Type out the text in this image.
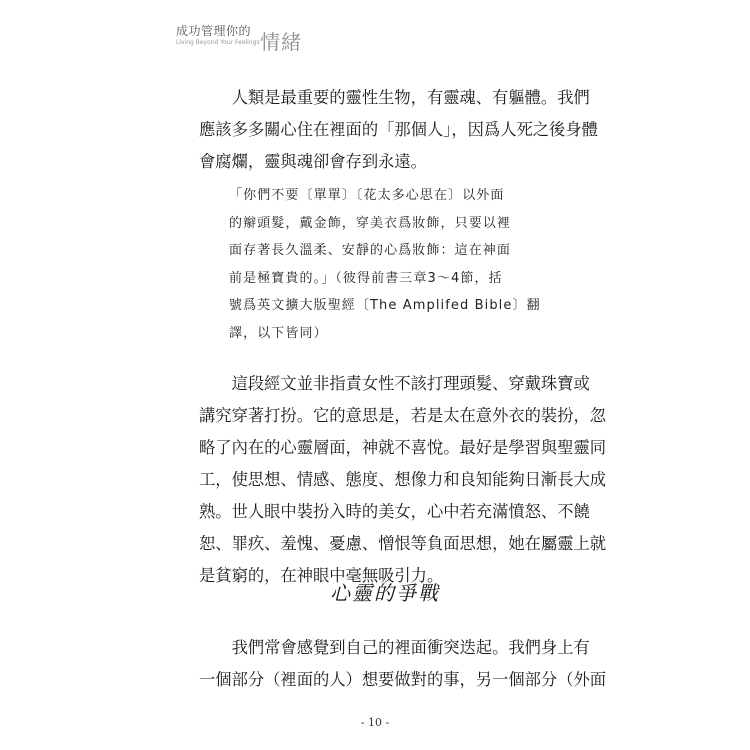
成功管理你的
Living Beyond Your Feelings 情緒

　　人類是最重要的靈性生物，有靈魂、有軀體。我們
應該多多關心住在裡面的「那個人」，因爲人死之後身體
會腐爛，靈與魂卻會存到永遠。

「你們不要〔單單〕〔花太多心思在〕以外面
的辮頭髮，戴金飾，穿美衣爲妝飾，只要以裡
面存著長久溫柔、安靜的心爲妝飾：這在神面
前是極寶貴的。」（彼得前書三章3～4節，括
號爲英文擴大版聖經〔The Amplifed Bible〕翻
譯，以下皆同）

　　這段經文並非指責女性不該打理頭髮、穿戴珠寶或
講究穿著打扮。它的意思是，若是太在意外衣的裝扮，忽
略了內在的心靈層面，神就不喜悅。最好是學習與聖靈同
工，使思想、情感、態度、想像力和良知能夠日漸長大成
熟。世人眼中裝扮入時的美女，心中若充滿憤怒、不饒
恕、罪疚、羞愧、憂慮、憎恨等負面思想，她在屬靈上就
是貧窮的，在神眼中毫無吸引力。

心靈的爭戰

　　我們常會感覺到自己的裡面衝突迭起。我們身上有
一個部分（裡面的人）想要做對的事，另一個部分（外面

- 10 -
